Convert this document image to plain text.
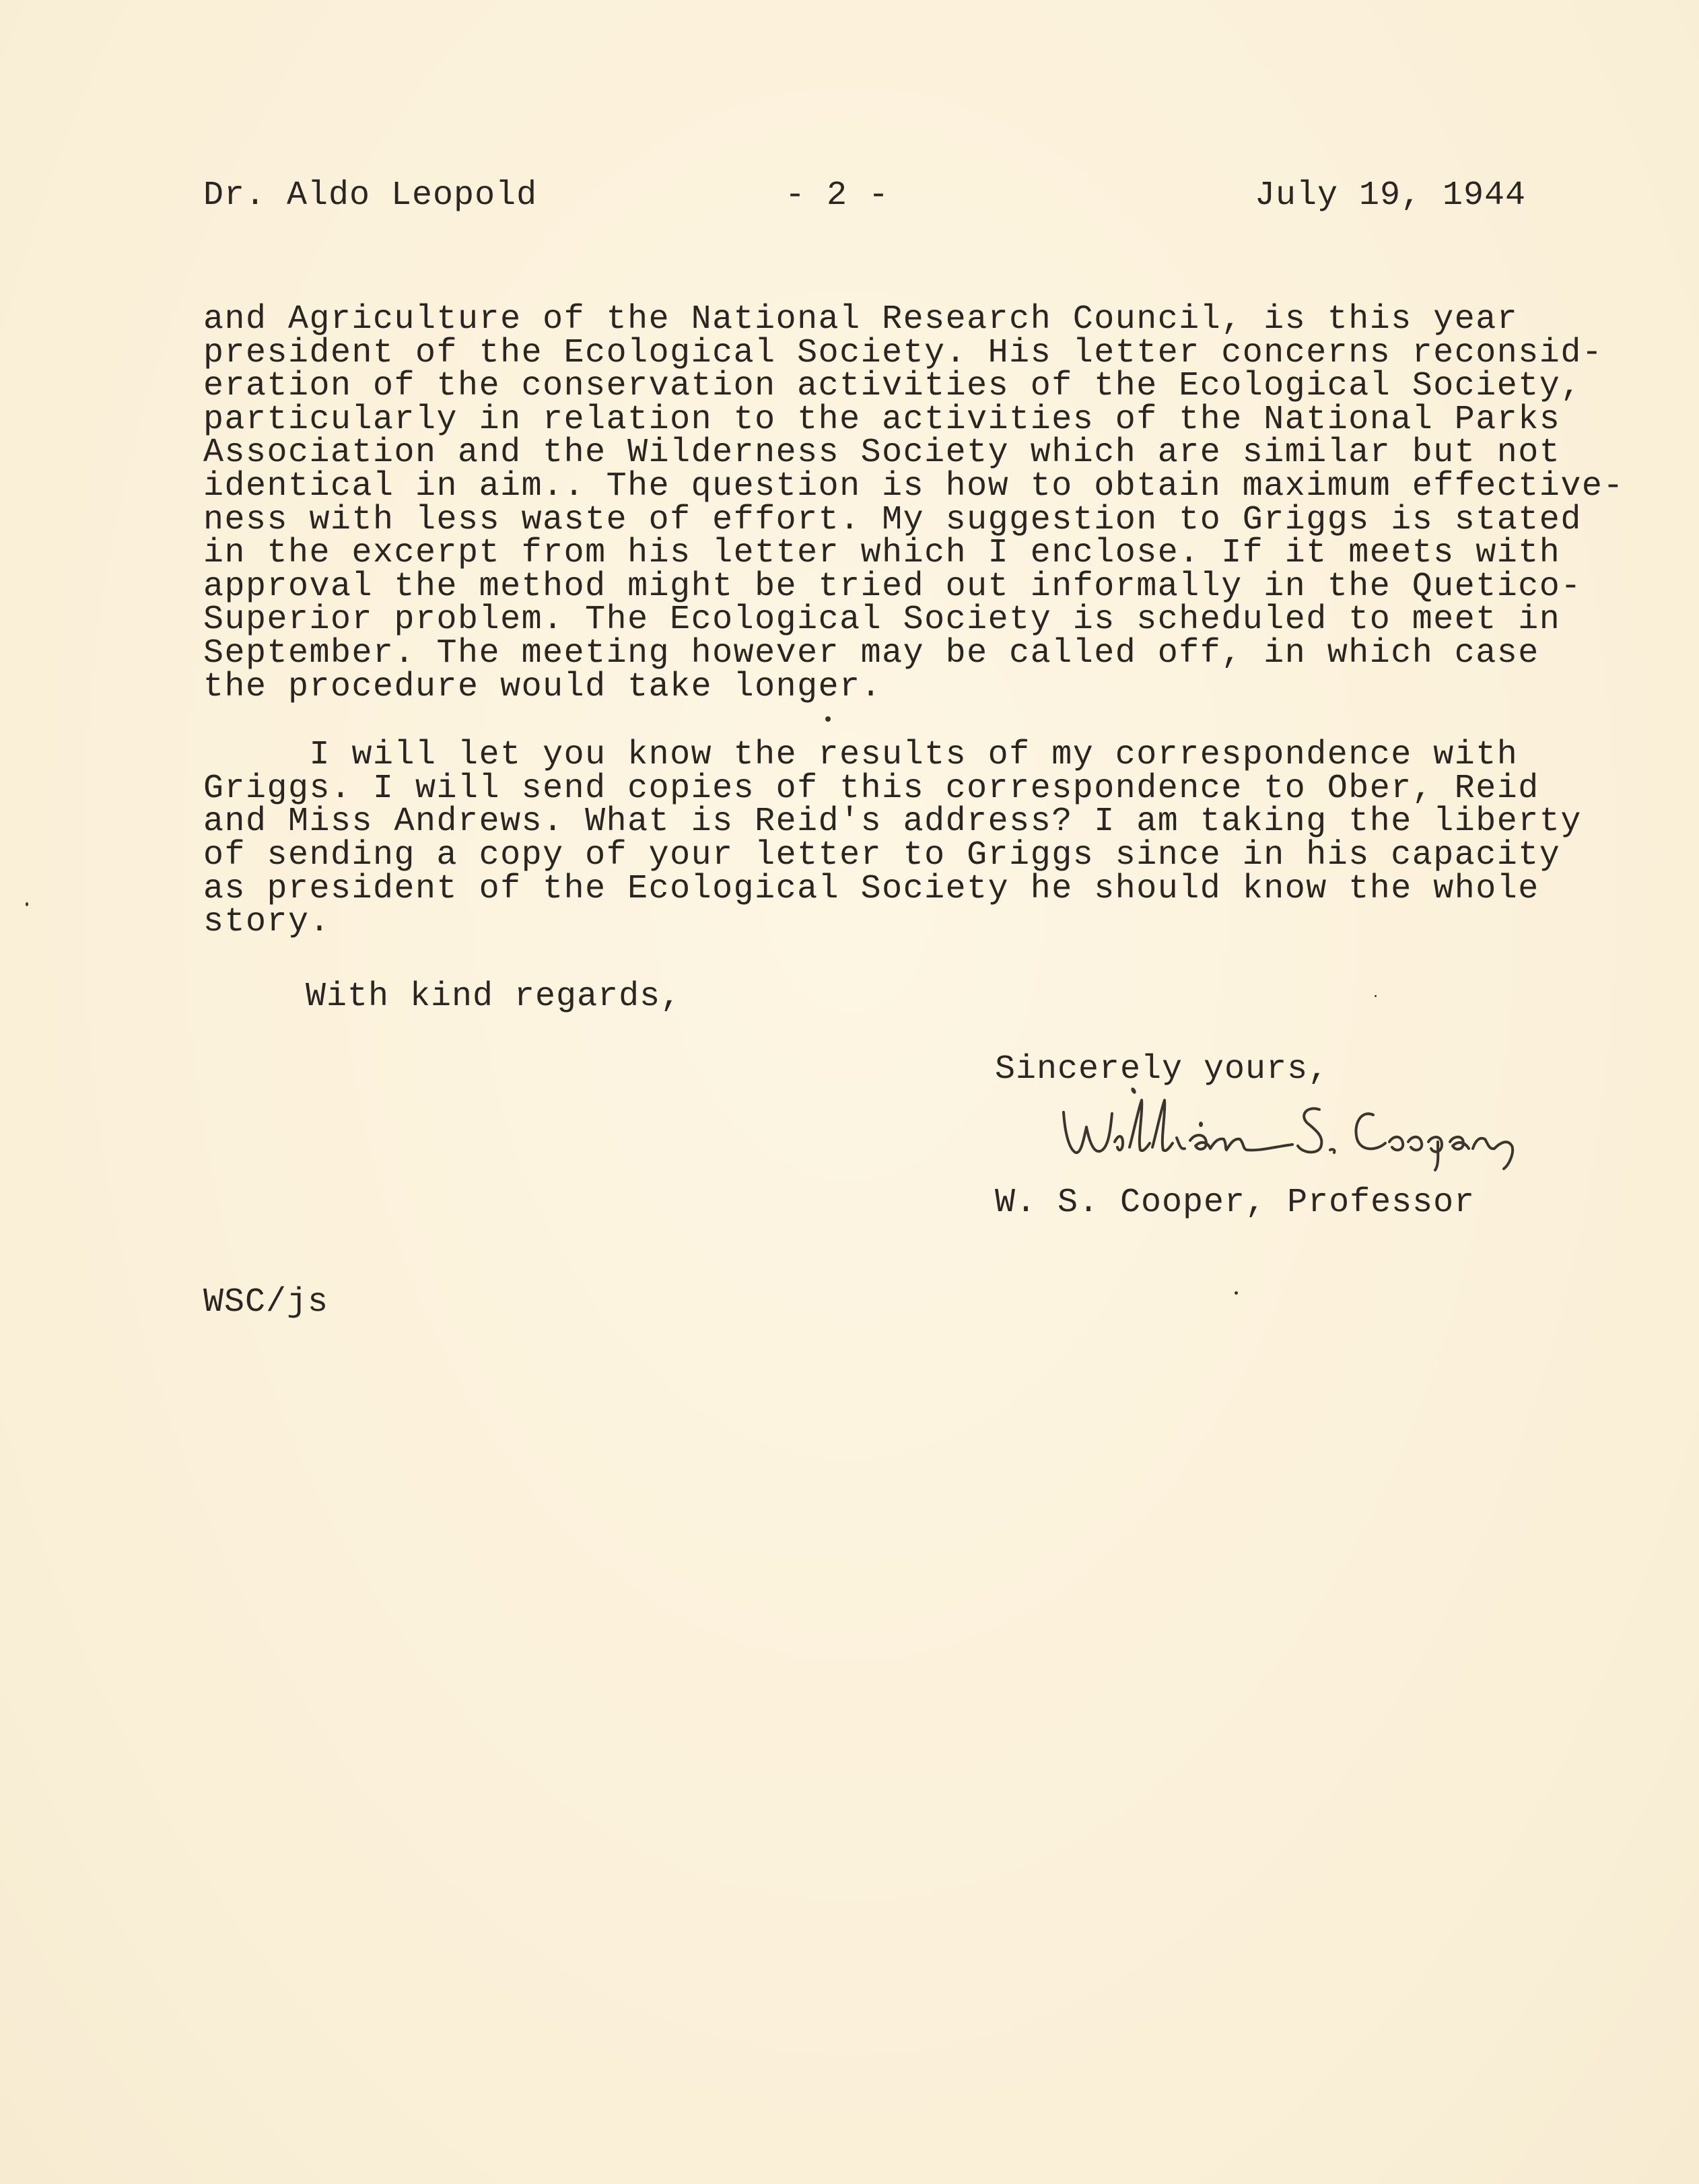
Dr. Aldo Leopold	- 2 -	July 19, 1944
and Agriculture of the National Research Council, is this year
president of the Ecological Society. His letter concerns reconsid-
eration of the conservation activities of the Ecological Society,
particularly in relation to the activities of the National Parks
Association and the Wilderness Society which are similar but not
identical in aim.. The question is how to obtain maximum effective-
ness with less waste of effort. My suggestion to Griggs is stated
in the excerpt from his letter which I enclose. If it meets with
approval the method might be tried out informally in the Quetico-
Superior problem. The Ecological Society is scheduled to meet in
September. The meeting however may be called off, in which case
the procedure would take longer.
I will let you know the results of my correspondence with
Griggs. I will send copies of this correspondence to Ober, Reid
and Miss Andrews. What is Reid's address? I am taking the liberty
of sending a copy of your letter to Griggs since in his capacity
as president of the Ecological Society he should know the whole
story.
With kind regards,
Sincerely yours,
W. S. Cooper, Professor
WSC/js
